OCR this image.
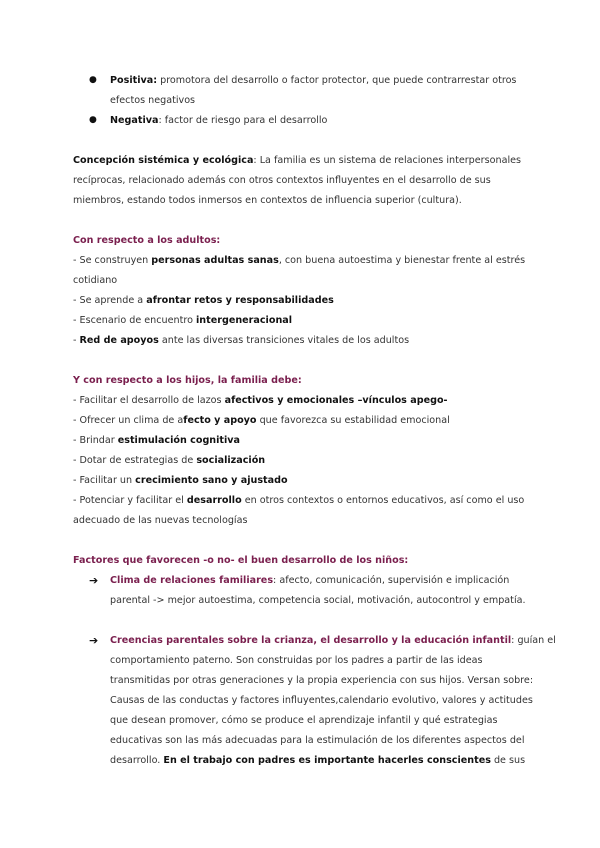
● Positiva: promotora del desarrollo o factor protector, que puede contrarrestar otros
efectos negativos
● Negativa: factor de riesgo para el desarrollo
Concepción sistémica y ecológica: La familia es un sistema de relaciones interpersonales
recíprocas, relacionado además con otros contextos influyentes en el desarrollo de sus
miembros, estando todos inmersos en contextos de influencia superior (cultura).
Con respecto a los adultos:
- Se construyen personas adultas sanas, con buena autoestima y bienestar frente al estrés
cotidiano
- Se aprende a afrontar retos y responsabilidades
- Escenario de encuentro intergeneracional
- Red de apoyos ante las diversas transiciones vitales de los adultos
Y con respecto a los hijos, la familia debe:
- Facilitar el desarrollo de lazos afectivos y emocionales –vínculos apego-
- Ofrecer un clima de afecto y apoyo que favorezca su estabilidad emocional
- Brindar estimulación cognitiva
- Dotar de estrategias de socialización
- Facilitar un crecimiento sano y ajustado
- Potenciar y facilitar el desarrollo en otros contextos o entornos educativos, así como el uso
adecuado de las nuevas tecnologías
Factores que favorecen -o no- el buen desarrollo de los niños:
➔ Clima de relaciones familiares: afecto, comunicación, supervisión e implicación
parental -> mejor autoestima, competencia social, motivación, autocontrol y empatía.
➔ Creencias parentales sobre la crianza, el desarrollo y la educación infantil: guían el
comportamiento paterno. Son construidas por los padres a partir de las ideas
transmitidas por otras generaciones y la propia experiencia con sus hijos. Versan sobre:
Causas de las conductas y factores influyentes,calendario evolutivo, valores y actitudes
que desean promover, cómo se produce el aprendizaje infantil y qué estrategias
educativas son las más adecuadas para la estimulación de los diferentes aspectos del
desarrollo. En el trabajo con padres es importante hacerles conscientes de sus
